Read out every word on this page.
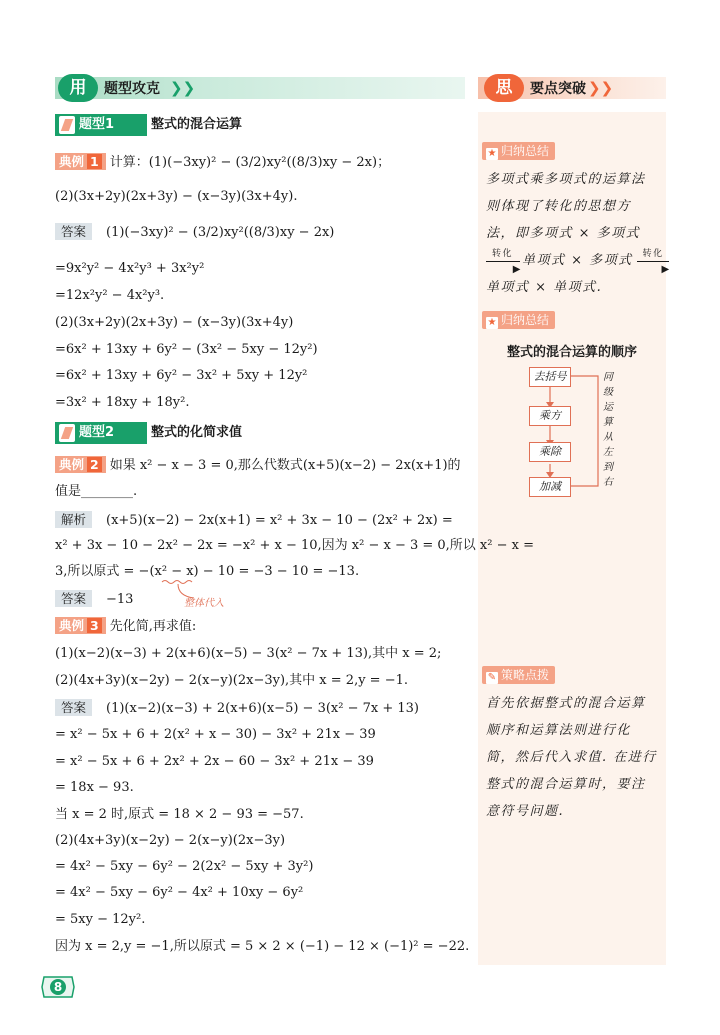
用	题型攻克 ❯❯	思	要点突破 ❯❯
★ 归纳总结
多项式乘多项式的运算法
则体现了转化的思想方
法，即多项式 × 多项式
转化
▶
单项式 × 多项式 转化
▶
单项式 × 单项式.
★ 归纳总结
整式的混合运算的顺序
去括号
乘方
乘除
加减
同
级
运
算
从
左
到
右
✎ 策略点拨
首先依据整式的混合运算
顺序和运算法则进行化
简，然后代入求值. 在进行
整式的混合运算时，要注
意符号问题.
题型1	整式的混合运算
典例 1 计算：(1)(−3xy)² − (3/2)xy²((8/3)xy − 2x)；
(2)(3x+2y)(2x+3y) − (x−3y)(3x+4y).
答案 (1)(−3xy)² − (3/2)xy²((8/3)xy − 2x)
=9x²y² − 4x²y³ + 3x²y²
=12x²y² − 4x²y³.
(2)(3x+2y)(2x+3y) − (x−3y)(3x+4y)
=6x² + 13xy + 6y² − (3x² − 5xy − 12y²)
=6x² + 13xy + 6y² − 3x² + 5xy + 12y²
=3x² + 18xy + 18y².
题型2	整式的化简求值
典例 2 如果 x² − x − 3 = 0,那么代数式(x+5)(x−2) − 2x(x+1)的
值是________.
解析 (x+5)(x−2) − 2x(x+1) = x² + 3x − 10 − (2x² + 2x) =
x² + 3x − 10 − 2x² − 2x = −x² + x − 10,因为 x² − x − 3 = 0,所以 x² − x =
3,所以原式 = −(x² − x) − 10 = −3 − 10 = −13.
整体代入
答案 −13
典例 3 先化简,再求值:
(1)(x−2)(x−3) + 2(x+6)(x−5) − 3(x² − 7x + 13),其中 x = 2;
(2)(4x+3y)(x−2y) − 2(x−y)(2x−3y),其中 x = 2,y = −1.
答案 (1)(x−2)(x−3) + 2(x+6)(x−5) − 3(x² − 7x + 13)
= x² − 5x + 6 + 2(x² + x − 30) − 3x² + 21x − 39
= x² − 5x + 6 + 2x² + 2x − 60 − 3x² + 21x − 39
= 18x − 93.
当 x = 2 时,原式 = 18 × 2 − 93 = −57.
(2)(4x+3y)(x−2y) − 2(x−y)(2x−3y)
= 4x² − 5xy − 6y² − 2(2x² − 5xy + 3y²)
= 4x² − 5xy − 6y² − 4x² + 10xy − 6y²
= 5xy − 12y².
因为 x = 2,y = −1,所以原式 = 5 × 2 × (−1) − 12 × (−1)² = −22.
8
